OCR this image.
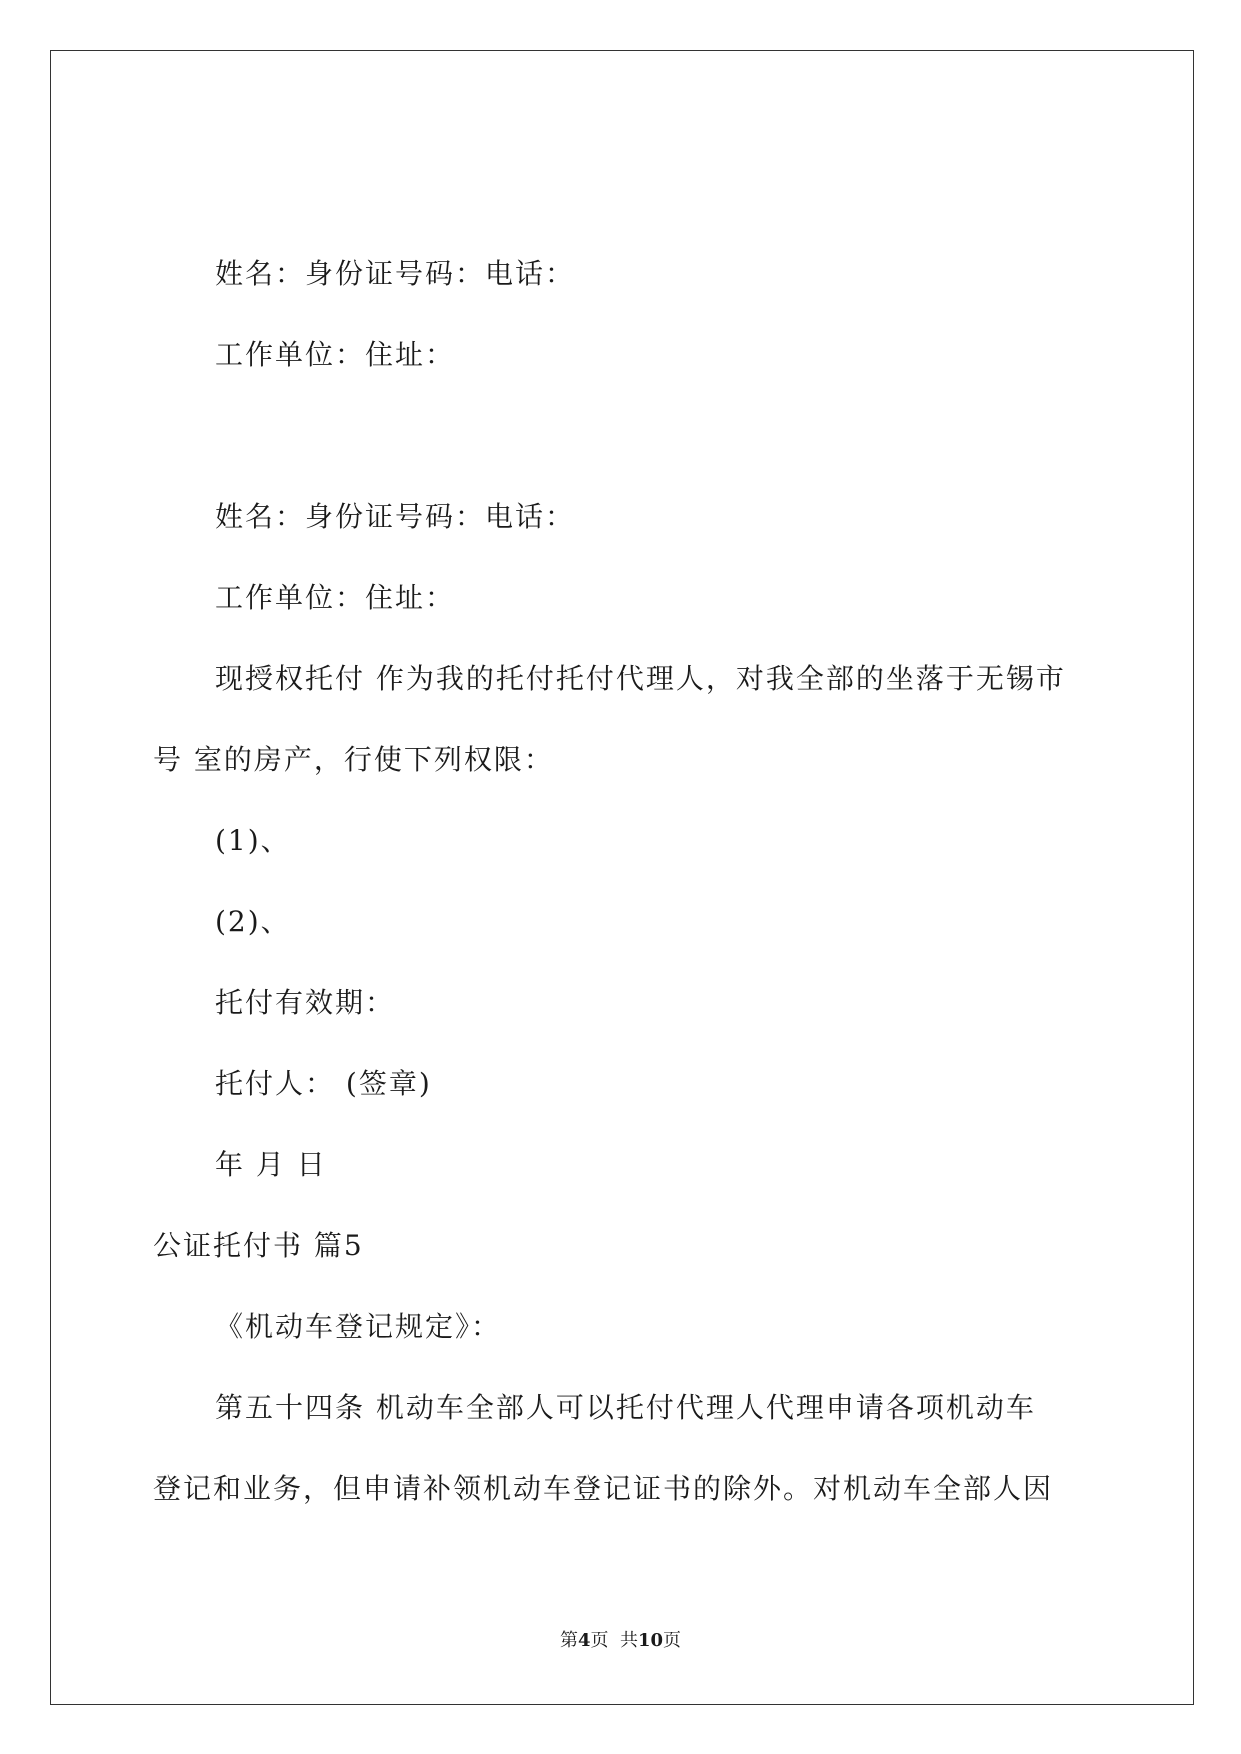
姓名：身份证号码：电话：
工作单位：住址：
姓名：身份证号码：电话：
工作单位：住址：
现授权托付 作为我的托付托付代理人，对我全部的坐落于无锡市
号 室的房产，行使下列权限：
(1)、
(2)、
托付有效期：
托付人： (签章)
年 月 日
公证托付书 篇5
《机动车登记规定》：
第五十四条 机动车全部人可以托付代理人代理申请各项机动车
登记和业务，但申请补领机动车登记证书的除外。对机动车全部人因
第4页  共10页
